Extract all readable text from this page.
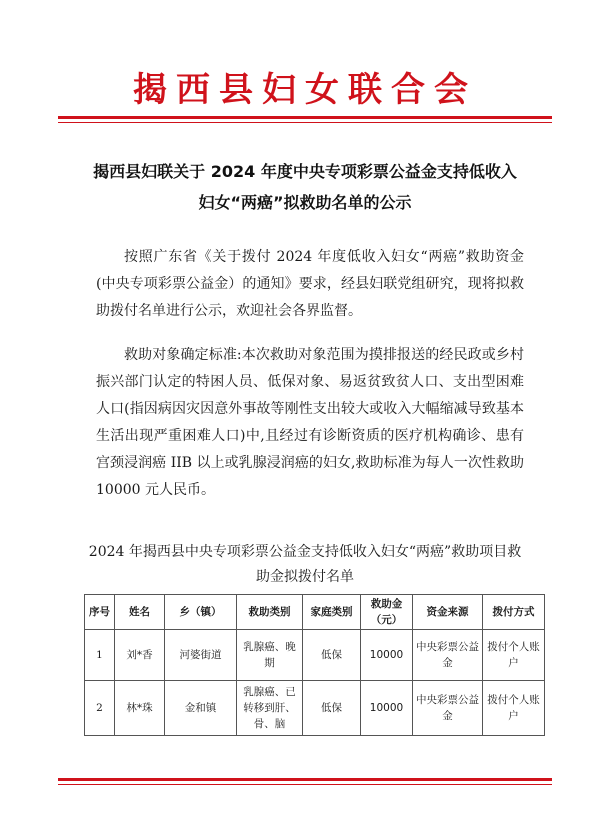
揭西县妇女联合会
揭西县妇联关于 2024 年度中央专项彩票公益金支持低收入妇女“两癌”拟救助名单的公示
按照广东省《关于拨付 2024 年度低收入妇女“两癌”救助资金(中央专项彩票公益金）的通知》要求，经县妇联党组研究，现将拟救助拨付名单进行公示，欢迎社会各界监督。
救助对象确定标准:本次救助对象范围为摸排报送的经民政或乡村振兴部门认定的特困人员、低保对象、易返贫致贫人口、支出型困难人口(指因病因灾因意外事故等刚性支出较大或收入大幅缩减导致基本生活出现严重困难人口)中,且经过有诊断资质的医疗机构确诊、患有宫颈浸润癌 IIB 以上或乳腺浸润癌的妇女,救助标准为每人一次性救助 10000 元人民币。
2024 年揭西县中央专项彩票公益金支持低收入妇女“两癌”救助项目救助金拟拨付名单
序号	姓名	乡（镇）	救助类别	家庭类别	救助金（元）	资金来源	拨付方式
1	刘*香	河婆街道	乳腺癌、晚期	低保	10000	中央彩票公益金	拨付个人账户
2	林*珠	金和镇	乳腺癌、已转移到肝、骨、脑	低保	10000	中央彩票公益金	拨付个人账户
